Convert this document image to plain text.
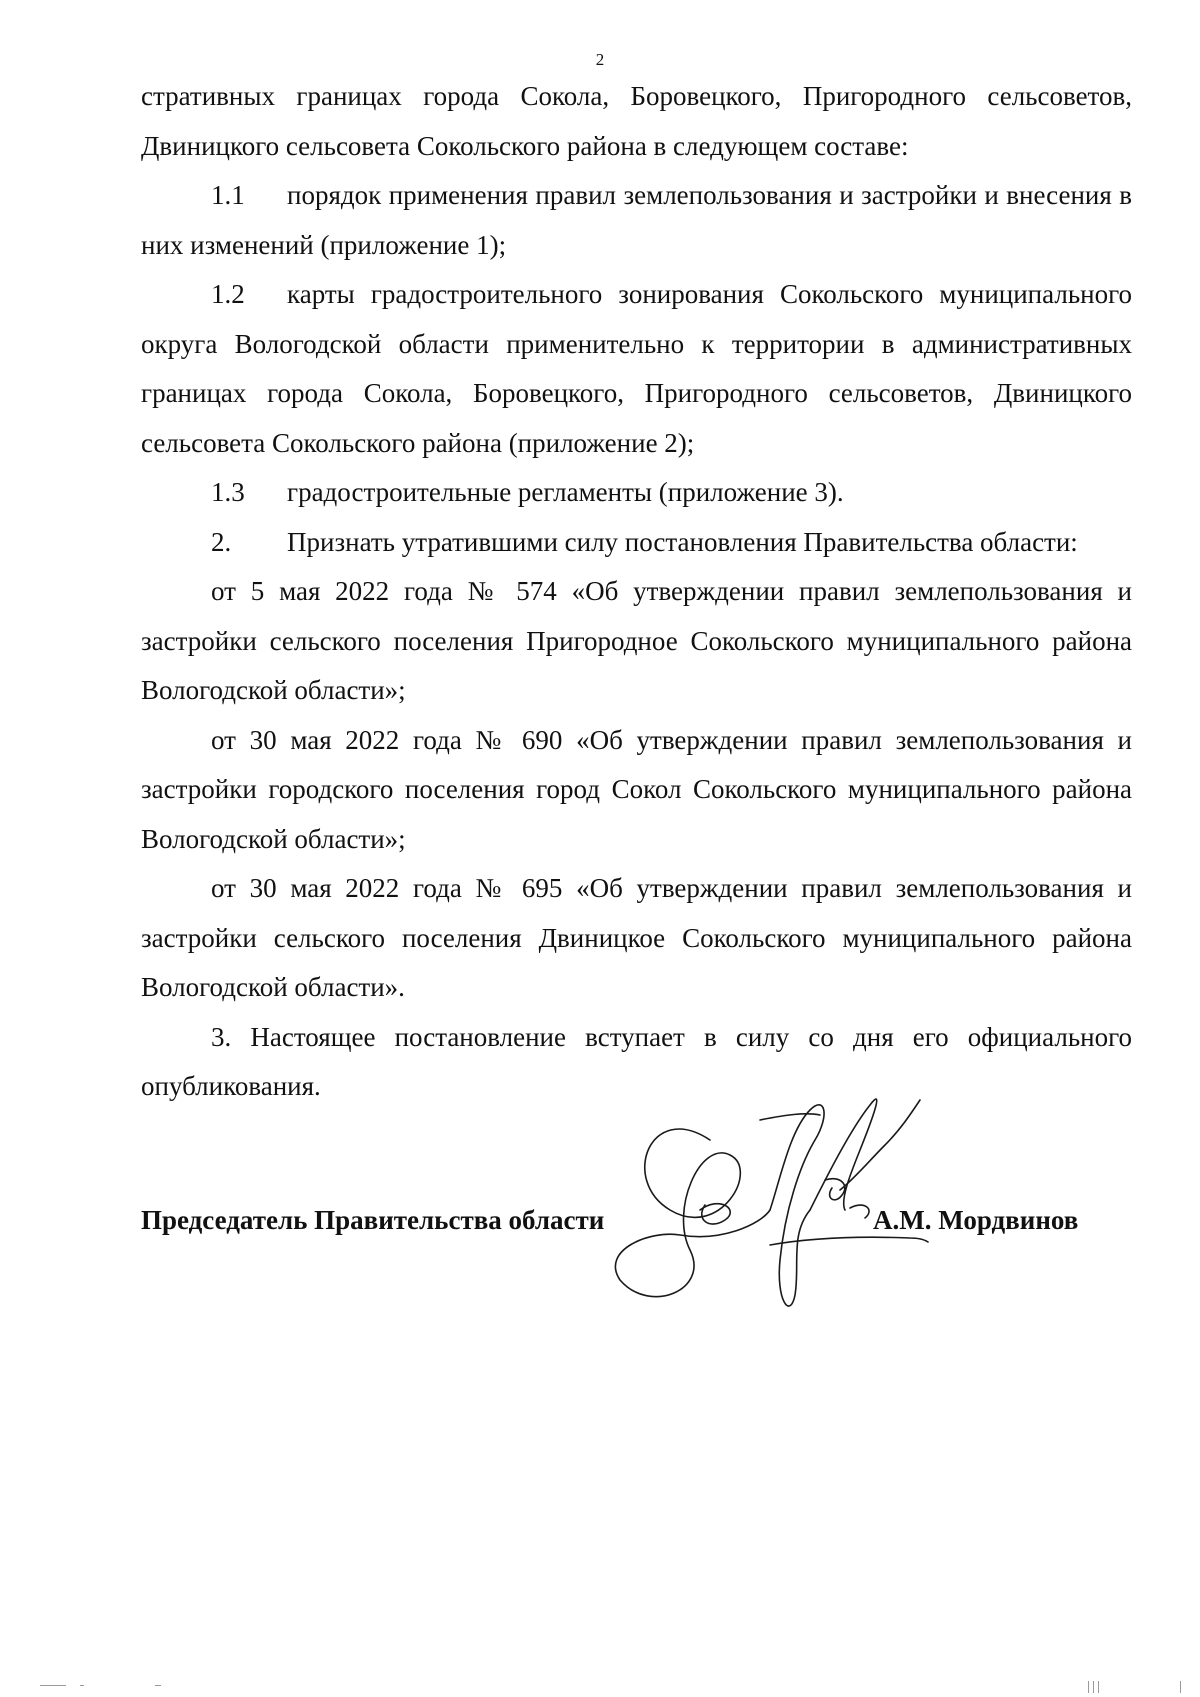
2

стративных границах города Сокола, Боровецкого, Пригородного сельсоветов, Двиницкого сельсовета Сокольского района в следующем составе:

1.1 порядок применения правил землепользования и застройки и внесения в них изменений (приложение 1);

1.2 карты градостроительного зонирования Сокольского муниципального округа Вологодской области применительно к территории в административных границах города Сокола, Боровецкого, Пригородного сельсоветов, Двиницкого сельсовета Сокольского района (приложение 2);

1.3 градостроительные регламенты (приложение 3).

2. Признать утратившими силу постановления Правительства области:

от 5 мая 2022 года № 574 «Об утверждении правил землепользования и застройки сельского поселения Пригородное Сокольского муниципального района Вологодской области»;

от 30 мая 2022 года № 690 «Об утверждении правил землепользования и застройки городского поселения город Сокол Сокольского муниципального района Вологодской области»;

от 30 мая 2022 года № 695 «Об утверждении правил землепользования и застройки сельского поселения Двиницкое Сокольского муниципального района Вологодской области».

3. Настоящее постановление вступает в силу со дня его официального опубликования.

Председатель Правительства области	А.М. Мордвинов
